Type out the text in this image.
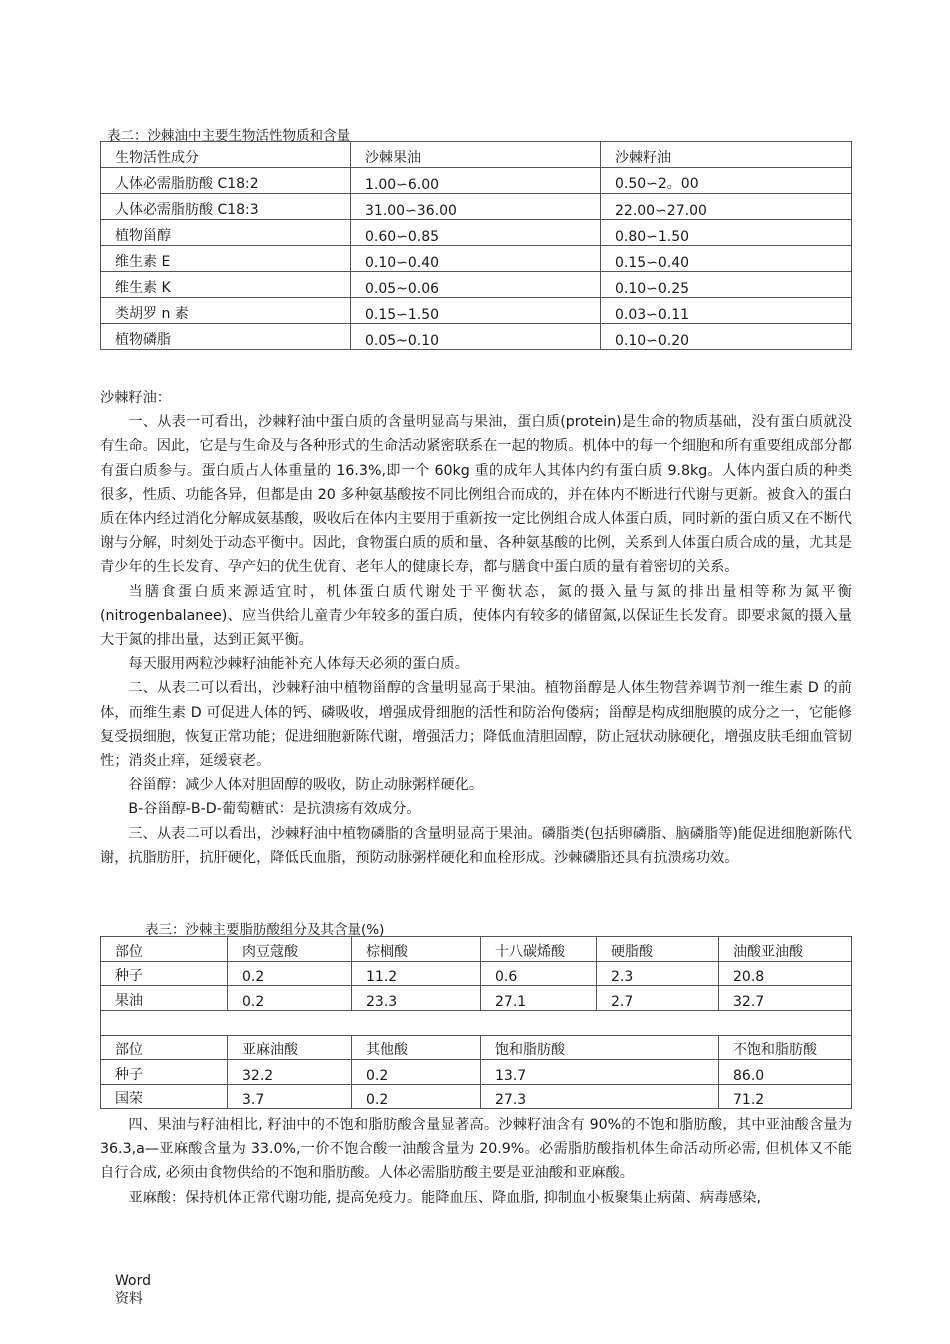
表二：沙棘油中主要生物活性物质和含量
生物活性成分	沙棘果油	沙棘籽油
人体必需脂肪酸 C18:2	1.00∽6.00	0.50∽2。00
人体必需脂肪酸 C18:3	31.00∽36.00	22.00∽27.00
植物甾醇	0.60∽0.85	0.80∽1.50
维生素 E	0.10∽0.40	0.15∽0.40
维生素 K	0.05~0.06	0.10∽0.25
类胡罗 n 素	0.15∽1.50	0.03∽0.11
植物磷脂	0.05~0.10	0.10∽0.20

沙棘籽油：

一、从表一可看出，沙棘籽油中蛋白质的含量明显高与果油，蛋白质(protein)是生命的物质基础，没有蛋白质就没有生命。因此，它是与生命及与各种形式的生命活动紧密联系在一起的物质。机体中的每一个细胞和所有重要组成部分都有蛋白质参与。蛋白质占人体重量的 16.3%,即一个 60kg 重的成年人其体内约有蛋白质 9.8kg。人体内蛋白质的种类很多，性质、功能各异，但都是由 20 多种氨基酸按不同比例组合而成的，并在体内不断进行代谢与更新。被食入的蛋白质在体内经过消化分解成氨基酸，吸收后在体内主要用于重新按一定比例组合成人体蛋白质，同时新的蛋白质又在不断代谢与分解，时刻处于动态平衡中。因此，食物蛋白质的质和量、各种氨基酸的比例，关系到人体蛋白质合成的量，尤其是青少年的生长发育、孕产妇的优生优育、老年人的健康长寿，都与膳食中蛋白质的量有着密切的关系。

当膳食蛋白质来源适宜时，机体蛋白质代谢处于平衡状态，氮的摄入量与氮的排出量相等称为氮平衡(nitrogenbalanee)、应当供给儿童青少年较多的蛋白质，使体内有较多的储留氮,以保证生长发育。即要求氮的摄入量大于氮的排出量，达到正氮平衡。

每天服用两粒沙棘籽油能补充人体每天必须的蛋白质。

二、从表二可以看出，沙棘籽油中植物甾醇的含量明显高于果油。植物甾醇是人体生物营养调节剂一维生素 D 的前体，而维生素 D 可促进人体的钙、磷吸收，增强成骨细胞的活性和防治佝偻病；甾醇是构成细胞膜的成分之一，它能修复受损细胞，恢复正常功能；促进细胞新陈代谢，增强活力；降低血清胆固醇，防止冠状动脉硬化，增强皮肤毛细血管韧性；消炎止痒，延缓衰老。

谷甾醇：减少人体对胆固醇的吸收，防止动脉粥样硬化。

B-谷甾醇-B-D-葡萄糖甙：是抗溃疡有效成分。

三、从表二可以看出，沙棘籽油中植物磷脂的含量明显高于果油。磷脂类(包括卵磷脂、脑磷脂等)能促进细胞新陈代谢，抗脂肪肝，抗肝硬化，降低氏血脂，预防动脉粥样硬化和血栓形成。沙棘磷脂还具有抗溃疡功效。

表三：沙棘主要脂肪酸组分及其含量(%)
部位	肉豆蔻酸	棕榈酸	十八碳烯酸	硬脂酸	油酸亚油酸
种子	0.2	11.2	0.6	2.3	20.8
果油	0.2	23.3	27.1	2.7	32.7

部位	亚麻油酸	其他酸	饱和脂肪酸		不饱和脂肪酸
种子	32.2	0.2	13.7		86.0
国荣	3.7	0.2	27.3		71.2

四、果油与籽油相比, 籽油中的不饱和脂肪酸含量显著高。沙棘籽油含有 90%的不饱和脂肪酸，其中亚油酸含量为 36.3,a—亚麻酸含量为 33.0%,一价不饱合酸一油酸含量为 20.9%。必需脂肪酸指机体生命活动所必需, 但机体又不能自行合成, 必须由食物供给的不饱和脂肪酸。人体必需脂肪酸主要是亚油酸和亚麻酸。

亚麻酸：保持机体正常代谢功能, 提高免疫力。能降血压、降血脂, 抑制血小板聚集止病菌、病毒感染,

Word 资料
